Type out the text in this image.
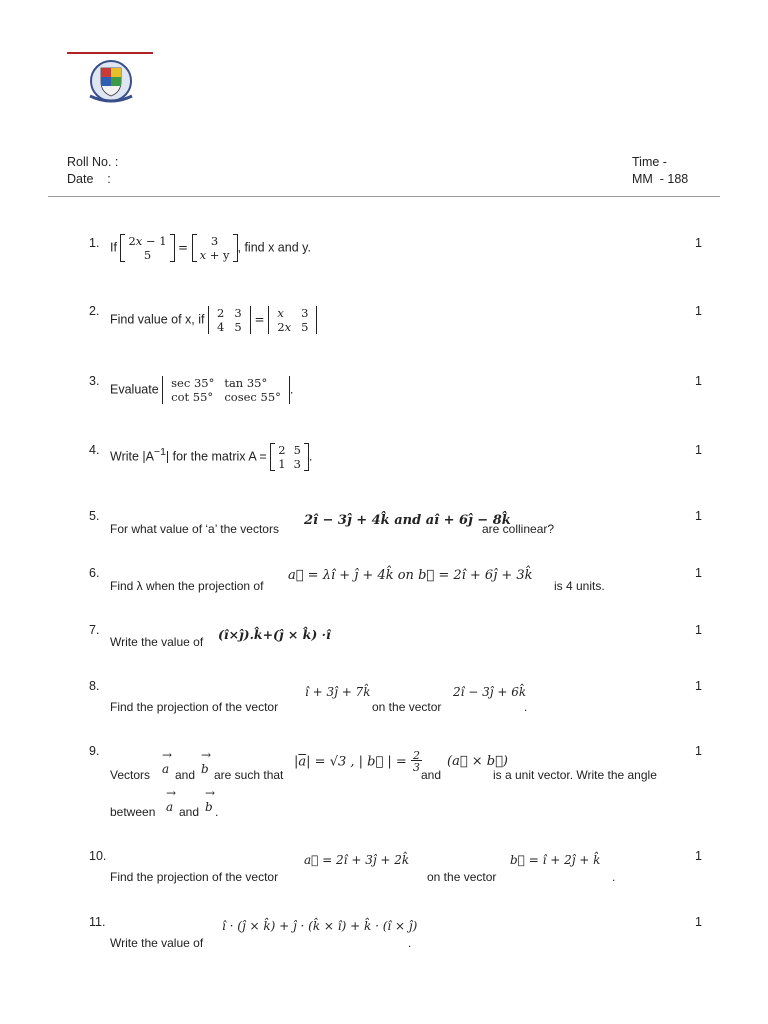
Roll No. :
Date    :
Time -
MM  - 188
1.	1
If 2x − 1
5
= 3
x + y
, find x and y.
2.	1
Find value of x, if 2	3
4	5
= x	3
2x	5
3.	1
Evaluate sec 35°	tan 35°
cot 55°	cosec 55°
.
4.	1
Write $|A^{-1}|$ for the matrix A = 2	5
1	3
.
5.	1
For what value of ‘a’ the vectors
2î − 3ĵ + 4k̂ and aî + 6ĵ − 8k̂
are collinear?
6.	1
Find λ when the projection of
a⃗ = λî + ĵ + 4k̂ on b⃗ = 2î + 6ĵ + 3k̂
is 4 units.
7.	1
Write the value of (î×ĵ).k̂+(ĵ × k̂) ·î
8.	1
Find the projection of the vector
î + 3ĵ + 7k̂
on the vector
2î − 3ĵ + 6k̂
.
9.	1
Vectors
→
a and
→
b are such that
$|\overline{a}| = √3$ , | b⃗ | = 2
3
and
(a⃗ × b⃗)
is a unit vector. Write the angle
between
→
a and
→
b .
10.	1
Find the projection of the vector
a⃗ = 2î + 3ĵ + 2k̂
on the vector
b⃗ = î + 2ĵ + k̂
.
11.	1
Write the value of
î · (ĵ × k̂) + ĵ · (k̂ × î) + k̂ · (î × ĵ)
.
